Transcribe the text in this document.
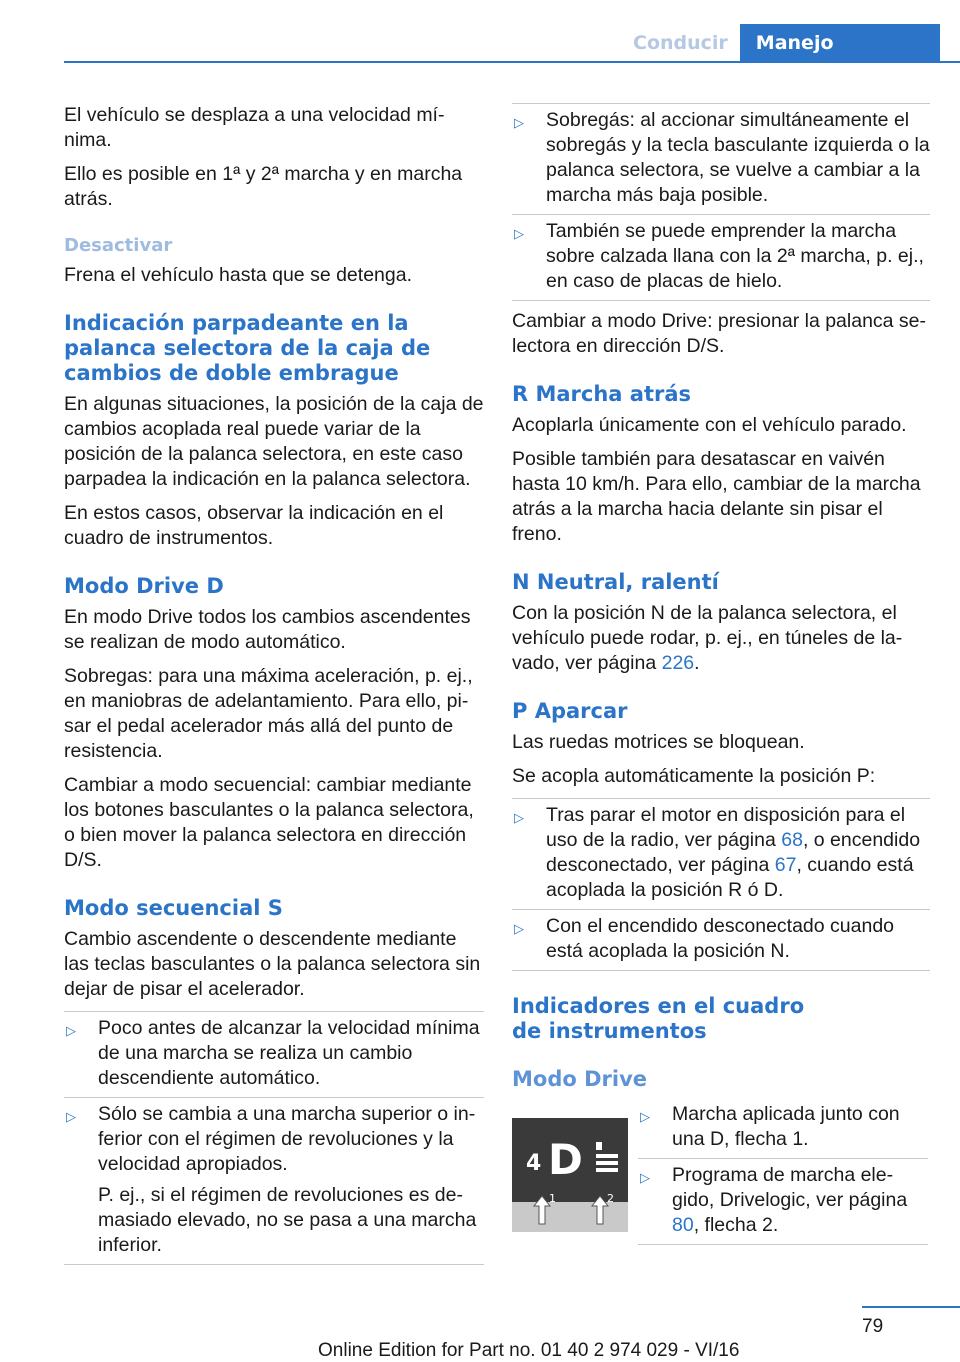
Conducir	Manejo

El vehículo se desplaza a una velocidad mínima.

Ello es posible en 1ª y 2ª marcha y en marcha atrás.

Desactivar

Frena el vehículo hasta que se detenga.

Indicación parpadeante en la palanca selectora de la caja de cambios de doble embrague

En algunas situaciones, la posición de la caja de cambios acoplada real puede variar de la posición de la palanca selectora, en este caso parpadea la indicación en la palanca selectora.

En estos casos, observar la indicación en el cuadro de instrumentos.

Modo Drive D

En modo Drive todos los cambios ascendentes se realizan de modo automático.

Sobregas: para una máxima aceleración, p. ej., en maniobras de adelantamiento. Para ello, pisar el pedal acelerador más allá del punto de resistencia.

Cambiar a modo secuencial: cambiar mediante los botones basculantes o la palanca selectora, o bien mover la palanca selectora en dirección D/S.

Modo secuencial S

Cambio ascendente o descendente mediante las teclas basculantes o la palanca selectora sin dejar de pisar el acelerador.

▷ Poco antes de alcanzar la velocidad mínima de una marcha se realiza un cambio descendiente automático.
▷ Sólo se cambia a una marcha superior o inferior con el régimen de revoluciones y la velocidad apropiados.
P. ej., si el régimen de revoluciones es demasiado elevado, no se pasa a una marcha inferior.
▷ Sobregás: al accionar simultáneamente el sobregás y la tecla basculante izquierda o la palanca selectora, se vuelve a cambiar a la marcha más baja posible.
▷ También se puede emprender la marcha sobre calzada llana con la 2ª marcha, p. ej., en caso de placas de hielo.

Cambiar a modo Drive: presionar la palanca selectora en dirección D/S.

R Marcha atrás

Acoplarla únicamente con el vehículo parado.

Posible también para desatascar en vaivén hasta 10 km/h. Para ello, cambiar de la marcha atrás a la marcha hacia delante sin pisar el freno.

N Neutral, ralentí

Con la posición N de la palanca selectora, el vehículo puede rodar, p. ej., en túneles de lavado, ver página 226.

P Aparcar

Las ruedas motrices se bloquean.

Se acopla automáticamente la posición P:

▷ Tras parar el motor en disposición para el uso de la radio, ver página 68, o encendido desconectado, ver página 67, cuando está acoplada la posición R ó D.
▷ Con el encendido desconectado cuando está acoplada la posición N.
Indicadores en el cuadro de instrumentos
Modo Drive
4 D
1	2
▷ Marcha aplicada junto con una D, flecha 1.
▷ Programa de marcha elegido, Drivelogic, ver página 80, flecha 2.
79
Online Edition for Part no. 01 40 2 974 029 - VI/16
